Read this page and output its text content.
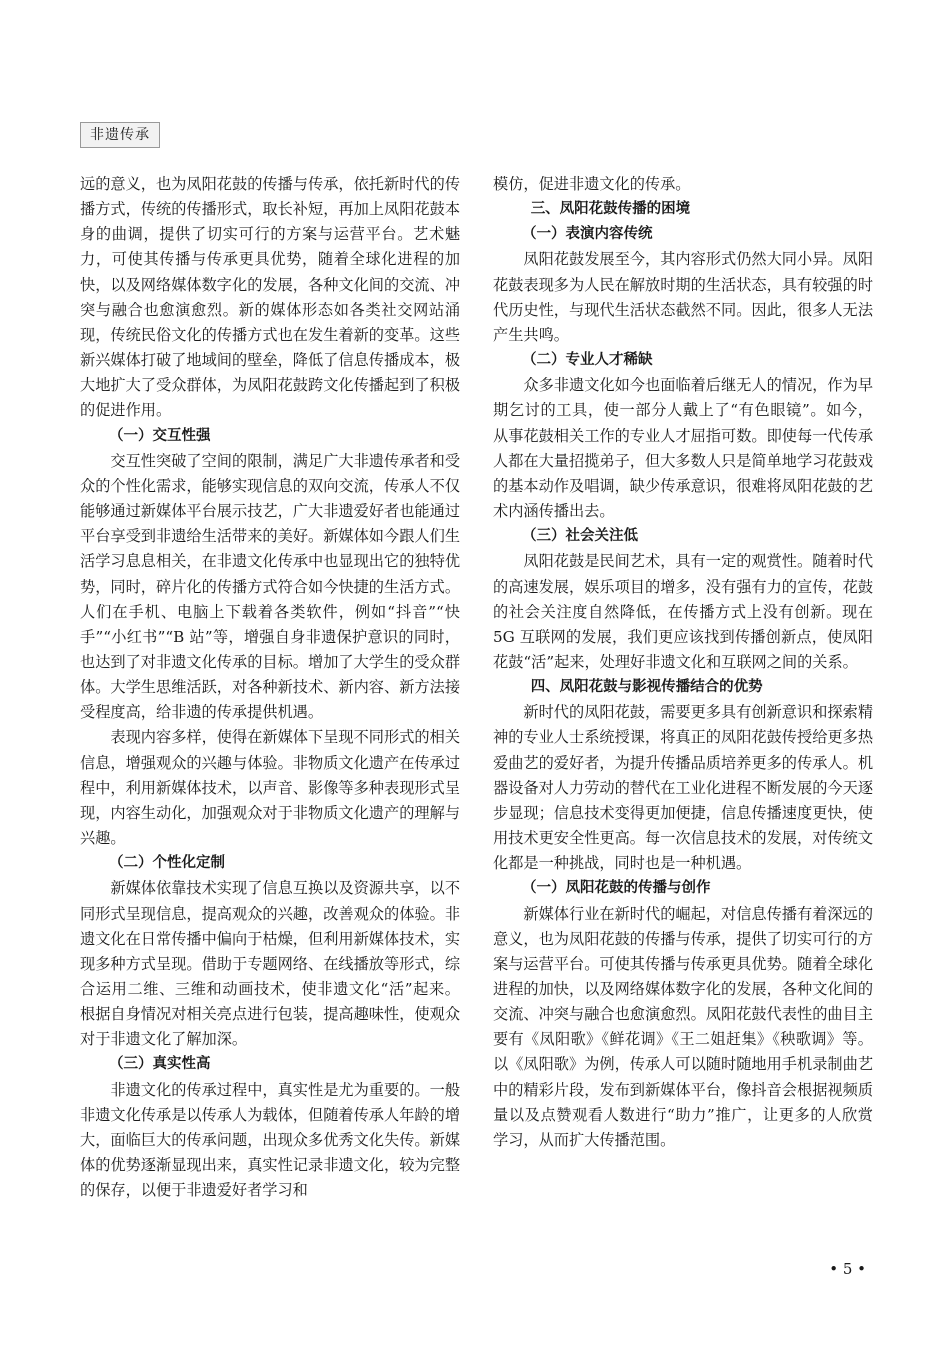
非遗传承

远的意义，也为凤阳花鼓的传播与传承，依托新时代的传播方式，传统的传播形式，取长补短，再加上凤阳花鼓本身的曲调，提供了切实可行的方案与运营平台。艺术魅力，可使其传播与传承更具优势，随着全球化进程的加快，以及网络媒体数字化的发展，各种文化间的交流、冲突与融合也愈演愈烈。新的媒体形态如各类社交网站涌现，传统民俗文化的传播方式也在发生着新的变革。这些新兴媒体打破了地域间的壁垒，降低了信息传播成本，极大地扩大了受众群体，为凤阳花鼓跨文化传播起到了积极的促进作用。

（一）交互性强

交互性突破了空间的限制，满足广大非遗传承者和受众的个性化需求，能够实现信息的双向交流，传承人不仅能够通过新媒体平台展示技艺，广大非遗爱好者也能通过平台享受到非遗给生活带来的美好。新媒体如今跟人们生活学习息息相关，在非遗文化传承中也显现出它的独特优势，同时，碎片化的传播方式符合如今快捷的生活方式。人们在手机、电脑上下载着各类软件，例如“抖音”“快手”“小红书”“B 站”等，增强自身非遗保护意识的同时，也达到了对非遗文化传承的目标。增加了大学生的受众群体。大学生思维活跃，对各种新技术、新内容、新方法接受程度高，给非遗的传承提供机遇。

表现内容多样，使得在新媒体下呈现不同形式的相关信息，增强观众的兴趣与体验。非物质文化遗产在传承过程中，利用新媒体技术，以声音、影像等多种表现形式呈现，内容生动化，加强观众对于非物质文化遗产的理解与兴趣。

（二）个性化定制

新媒体依靠技术实现了信息互换以及资源共享，以不同形式呈现信息，提高观众的兴趣，改善观众的体验。非遗文化在日常传播中偏向于枯燥，但利用新媒体技术，实现多种方式呈现。借助于专题网络、在线播放等形式，综合运用二维、三维和动画技术，使非遗文化“活”起来。根据自身情况对相关亮点进行包装，提高趣味性，使观众对于非遗文化了解加深。

（三）真实性高

非遗文化的传承过程中，真实性是尤为重要的。一般非遗文化传承是以传承人为载体，但随着传承人年龄的增大，面临巨大的传承问题，出现众多优秀文化失传。新媒体的优势逐渐显现出来，真实性记录非遗文化，较为完整的保存，以便于非遗爱好者学习和

模仿，促进非遗文化的传承。

三、凤阳花鼓传播的困境
（一）表演内容传统

凤阳花鼓发展至今，其内容形式仍然大同小异。凤阳花鼓表现多为人民在解放时期的生活状态，具有较强的时代历史性，与现代生活状态截然不同。因此，很多人无法产生共鸣。

（二）专业人才稀缺

众多非遗文化如今也面临着后继无人的情况，作为早期乞讨的工具，使一部分人戴上了“有色眼镜”。如今，从事花鼓相关工作的专业人才屈指可数。即使每一代传承人都在大量招揽弟子，但大多数人只是简单地学习花鼓戏的基本动作及唱调，缺少传承意识，很难将凤阳花鼓的艺术内涵传播出去。

（三）社会关注低

凤阳花鼓是民间艺术，具有一定的观赏性。随着时代的高速发展，娱乐项目的增多，没有强有力的宣传，花鼓的社会关注度自然降低，在传播方式上没有创新。现在 5G 互联网的发展，我们更应该找到传播创新点，使凤阳花鼓“活”起来，处理好非遗文化和互联网之间的关系。

四、凤阳花鼓与影视传播结合的优势

新时代的凤阳花鼓，需要更多具有创新意识和探索精神的专业人士系统授课，将真正的凤阳花鼓传授给更多热爱曲艺的爱好者，为提升传播品质培养更多的传承人。机器设备对人力劳动的替代在工业化进程不断发展的今天逐步显现；信息技术变得更加便捷，信息传播速度更快，使用技术更安全性更高。每一次信息技术的发展，对传统文化都是一种挑战，同时也是一种机遇。

（一）凤阳花鼓的传播与创作

新媒体行业在新时代的崛起，对信息传播有着深远的意义，也为凤阳花鼓的传播与传承，提供了切实可行的方案与运营平台。可使其传播与传承更具优势。随着全球化进程的加快，以及网络媒体数字化的发展，各种文化间的交流、冲突与融合也愈演愈烈。凤阳花鼓代表性的曲目主要有《凤阳歌》《鲜花调》《王二姐赶集》《秧歌调》等。以《凤阳歌》为例，传承人可以随时随地用手机录制曲艺中的精彩片段，发布到新媒体平台，像抖音会根据视频质量以及点赞观看人数进行“助力”推广，让更多的人欣赏学习，从而扩大传播范围。

• 5 •
